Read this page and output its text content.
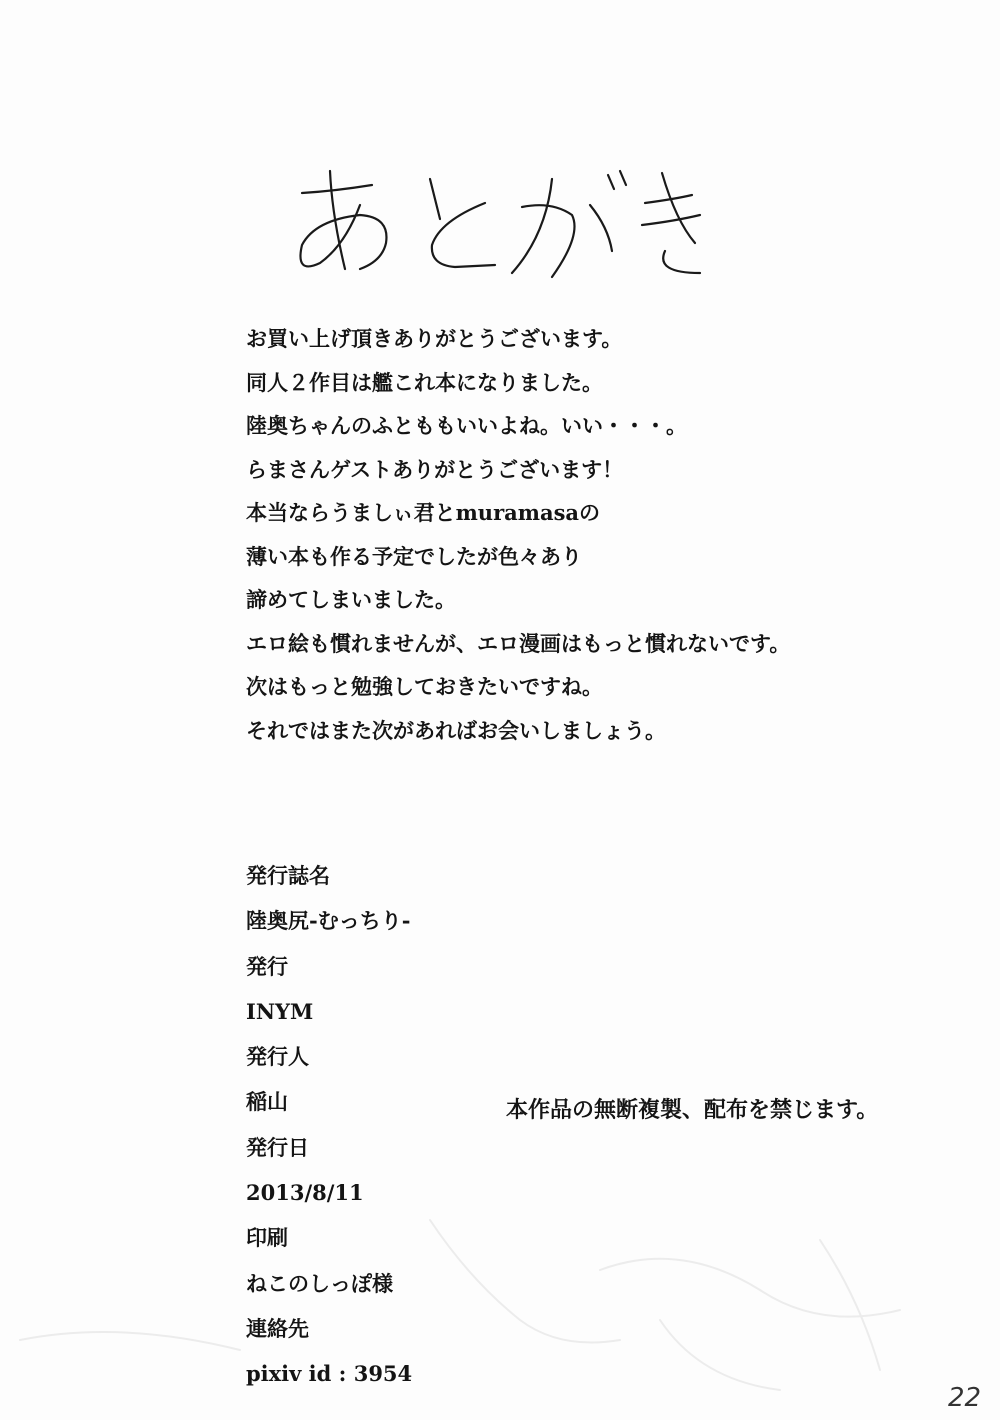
お買い上げ頂きありがとうございます。
同人２作目は艦これ本になりました。
陸奥ちゃんのふとももいいよね。いい・・・。
らまさんゲストありがとうございます！
本当ならうましぃ君とmuramasaの
薄い本も作る予定でしたが色々あり
諦めてしまいました。
エロ絵も慣れませんが、エロ漫画はもっと慣れないです。
次はもっと勉強しておきたいですね。
それではまた次があればお会いしましょう。
発行誌名
陸奥尻-むっちり-
発行
INYM
発行人
稲山
発行日
2013/8/11
印刷
ねこのしっぽ様
連絡先
pixiv id : 3954
本作品の無断複製、配布を禁じます。
22
